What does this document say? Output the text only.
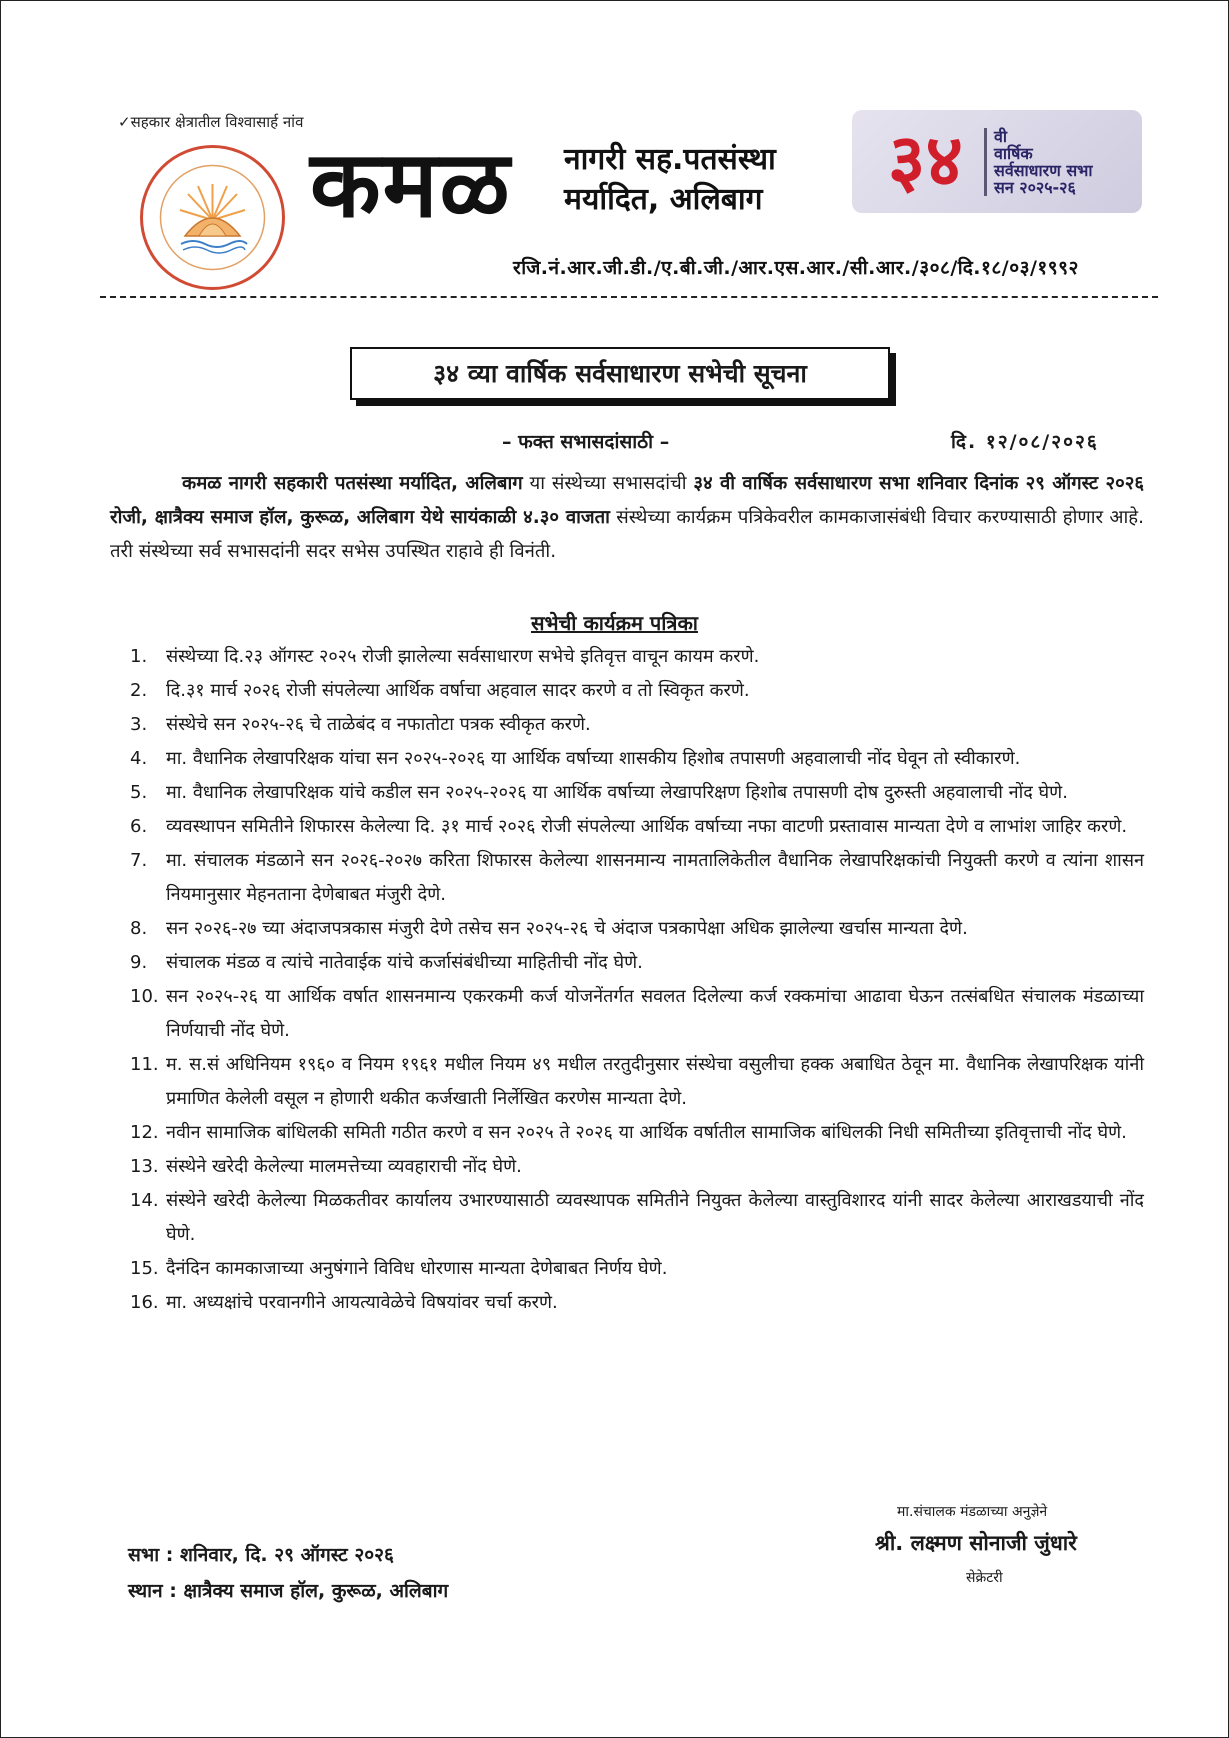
✓सहकार क्षेत्रातील विश्वासार्ह नांव
कमळ नागरी सह.पतसंस्था
मर्यादित, अलिबाग ३४ वी
वार्षिक
सर्वसाधारण सभा
सन २०२५-२६
रजि.नं.आर.जी.डी./ए.बी.जी./आर.एस.आर./सी.आर./३०८/दि.१८/०३/१९९२
३४ व्या वार्षिक सर्वसाधारण सभेची सूचना
– फक्त सभासदांसाठी –	दि. १२/०८/२०२६
कमळ नागरी सहकारी पतसंस्था मर्यादित, अलिबाग या संस्थेच्या सभासदांची ३४ वी वार्षिक सर्वसाधारण सभा शनिवार दिनांक २९ ऑगस्ट २०२६ रोजी, क्षात्रैक्य समाज हॉल, कुरूळ, अलिबाग येथे सायंकाळी ४.३० वाजता संस्थेच्या कार्यक्रम पत्रिकेवरील कामकाजासंबंधी विचार करण्यासाठी होणार आहे. तरी संस्थेच्या सर्व सभासदांनी सदर सभेस उपस्थित राहावे ही विनंती.
सभेची कार्यक्रम पत्रिका
1.	संस्थेच्या दि.२३ ऑगस्ट २०२५ रोजी झालेल्या सर्वसाधारण सभेचे इतिवृत्त वाचून कायम करणे.
2.	दि.३१ मार्च २०२६ रोजी संपलेल्या आर्थिक वर्षाचा अहवाल सादर करणे व तो स्विकृत करणे.
3.	संस्थेचे सन २०२५-२६ चे ताळेबंद व नफातोटा पत्रक स्वीकृत करणे.
4.	मा. वैधानिक लेखापरिक्षक यांचा सन २०२५-२०२६ या आर्थिक वर्षाच्या शासकीय हिशोब तपासणी अहवालाची नोंद घेवून तो स्वीकारणे.
5.	मा. वैधानिक लेखापरिक्षक यांचे कडील सन २०२५-२०२६ या आर्थिक वर्षाच्या लेखापरिक्षण हिशोब तपासणी दोष दुरुस्ती अहवालाची नोंद घेणे.
6.	व्यवस्थापन समितीने शिफारस केलेल्या दि. ३१ मार्च २०२६ रोजी संपलेल्या आर्थिक वर्षाच्या नफा वाटणी प्रस्तावास मान्यता देणे व लाभांश जाहिर करणे.
7.	मा. संचालक मंडळाने सन २०२६-२०२७ करिता शिफारस केलेल्या शासनमान्य नामतालिकेतील वैधानिक लेखापरिक्षकांची नियुक्ती करणे व त्यांना शासन नियमानुसार मेहनताना देणेबाबत मंजुरी देणे.
8.	सन २०२६-२७ च्या अंदाजपत्रकास मंजुरी देणे तसेच सन २०२५-२६ चे अंदाज पत्रकापेक्षा अधिक झालेल्या खर्चास मान्यता देणे.
9.	संचालक मंडळ व त्यांचे नातेवाईक यांचे कर्जासंबंधीच्या माहितीची नोंद घेणे.
10. सन २०२५-२६ या आर्थिक वर्षात शासनमान्य एकरकमी कर्ज योजनेंतर्गत सवलत दिलेल्या कर्ज रक्कमांचा आढावा घेऊन तत्संबधित संचालक मंडळाच्या निर्णयाची नोंद घेणे.
11. म. स.सं अधिनियम १९६० व नियम १९६१ मधील नियम ४९ मधील तरतुदीनुसार संस्थेचा वसुलीचा हक्क अबाधित ठेवून मा. वैधानिक लेखापरिक्षक यांनी प्रमाणित केलेली वसूल न होणारी थकीत कर्जखाती निर्लेखित करणेस मान्यता देणे.
12. नवीन सामाजिक बांधिलकी समिती गठीत करणे व सन २०२५ ते २०२६ या आर्थिक वर्षातील सामाजिक बांधिलकी निधी समितीच्या इतिवृत्ताची नोंद घेणे.
13. संस्थेने खरेदी केलेल्या मालमत्तेच्या व्यवहाराची नोंद घेणे.
14. संस्थेने खरेदी केलेल्या मिळकतीवर कार्यालय उभारण्यासाठी व्यवस्थापक समितीने नियुक्त केलेल्या वास्तुविशारद यांनी सादर केलेल्या आराखडयाची नोंद घेणे.
15. दैनंदिन कामकाजाच्या अनुषंगाने विविध धोरणास मान्यता देणेबाबत निर्णय घेणे.
16. मा. अध्यक्षांचे परवानगीने आयत्यावेळेचे विषयांवर चर्चा करणे.
सभा : शनिवार, दि. २९ ऑगस्ट २०२६
स्थान : क्षात्रैक्य समाज हॉल, कुरूळ, अलिबाग
मा.संचालक मंडळाच्या अनुज्ञेने
श्री. लक्ष्मण सोनाजी जुंधारे
सेक्रेटरी
